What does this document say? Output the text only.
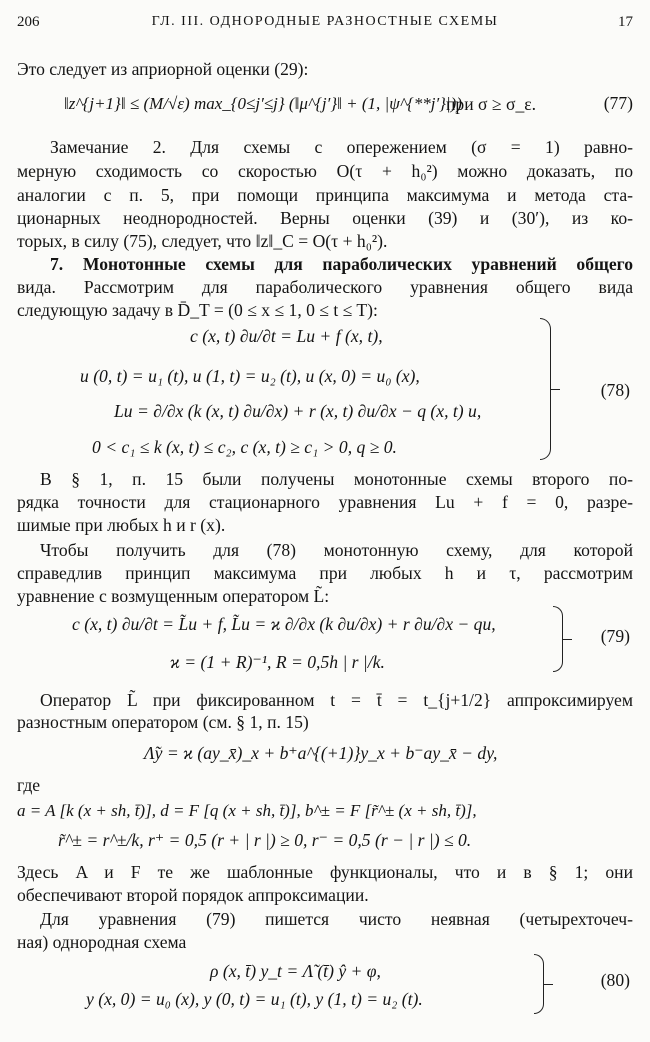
206	ГЛ. III. ОДНОРОДНЫЕ РАЗНОСТНЫЕ СХЕМЫ	17
Это следует из априорной оценки (29):
‖z^{j+1}‖ ≤ (M/√ε) max_{0≤j′≤j} (‖μ^{j′}‖ + (1, |ψ^{**j′}|))
при σ ≥ σ_ε.	(77)
Замечание 2. Для схемы с опережением (σ = 1) равно-
мерную сходимость со скоростью O(τ + h₀²) можно доказать, по
аналогии с п. 5, при помощи принципа максимума и метода ста-
ционарных неоднородностей. Верны оценки (39) и (30′), из ко-
торых, в силу (75), следует, что ‖z‖_C = O(τ + h₀²).
7. Монотонные схемы для параболических уравнений общего
вида. Рассмотрим для параболического уравнения общего вида
следующую задачу в D̄_T = (0 ≤ x ≤ 1, 0 ≤ t ≤ T):
c (x, t) ∂u/∂t = Lu + f (x, t),
u (0, t) = u₁ (t), u (1, t) = u₂ (t), u (x, 0) = u₀ (x),
Lu = ∂/∂x (k (x, t) ∂u/∂x) + r (x, t) ∂u/∂x − q (x, t) u,
0 < c₁ ≤ k (x, t) ≤ c₂, c (x, t) ≥ c₁ > 0, q ≥ 0.
(78)
В § 1, п. 15 были получены монотонные схемы второго по-
рядка точности для стационарного уравнения Lu + f = 0, разре-
шимые при любых h и r (x).
Чтобы получить для (78) монотонную схему, для которой
справедлив принцип максимума при любых h и τ, рассмотрим
уравнение с возмущенным оператором L̃:
c (x, t) ∂u/∂t = L̃u + f, L̃u = ϰ ∂/∂x (k ∂u/∂x) + r ∂u/∂x − qu,
ϰ = (1 + R)⁻¹, R = 0,5h | r |/k.
(79)
Оператор L̃ при фиксированном t = t̄ = t_{j+1/2} аппроксимируем
разностным оператором (см. § 1, п. 15)
Λ̃y = ϰ (ay_x̄)_x + b⁺a^{(+1)}y_x + b⁻ay_x̄ − dy,
где
a = A [k (x + sh, t̄)], d = F [q (x + sh, t̄)], b^± = F [r̃^± (x + sh, t̄)],
r̃^± = r^±/k, r⁺ = 0,5 (r + | r |) ≥ 0, r⁻ = 0,5 (r − | r |) ≤ 0.
Здесь A и F те же шаблонные функционалы, что и в § 1; они
обеспечивают второй порядок аппроксимации.
Для уравнения (79) пишется чисто неявная (четырехточеч-
ная) однородная схема
ρ (x, t̄) y_t = Λ̃ (t̄) ŷ + φ,
y (x, 0) = u₀ (x), y (0, t) = u₁ (t), y (1, t) = u₂ (t).
(80)
